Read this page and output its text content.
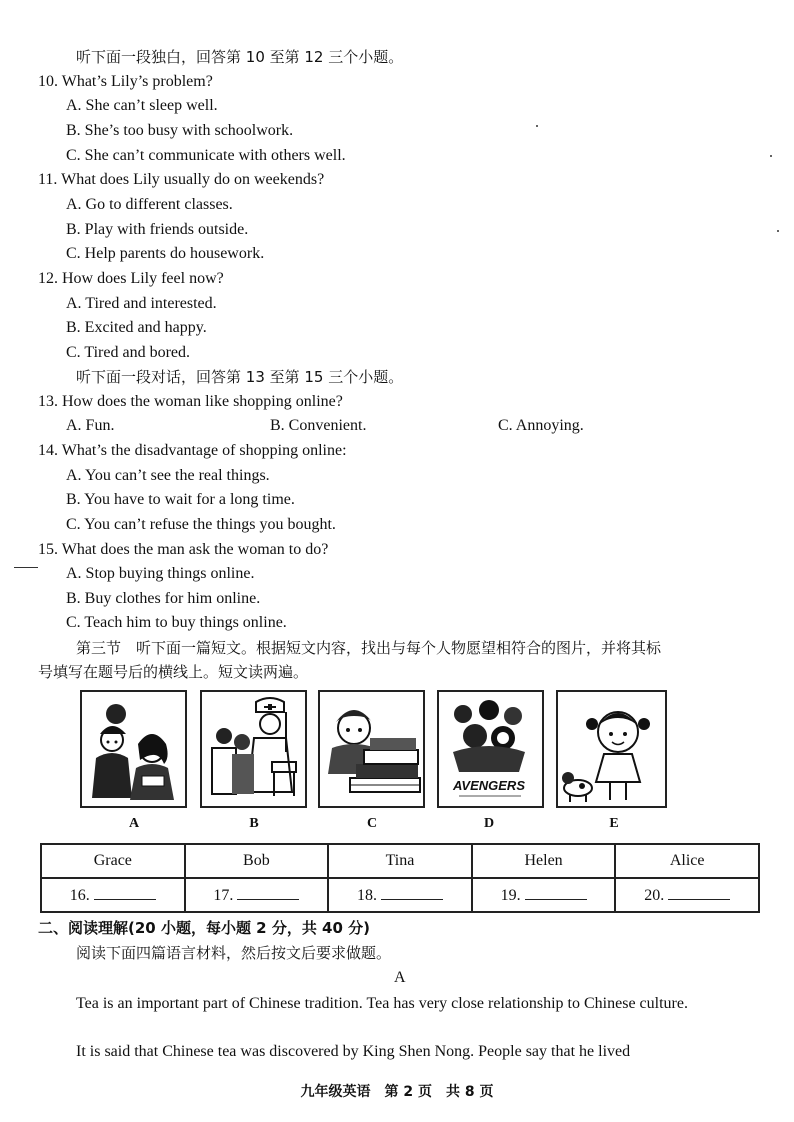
听下面一段独白，回答第 10 至第 12 三个小题。
10. What’s Lily’s problem?
A. She can’t sleep well.
B. She’s too busy with schoolwork.
C. She can’t communicate with others well.
11. What does Lily usually do on weekends?
A. Go to different classes.
B. Play with friends outside.
C. Help parents do housework.
12. How does Lily feel now?
A. Tired and interested.
B. Excited and happy.
C. Tired and bored.
听下面一段对话，回答第 13 至第 15 三个小题。
13. How does the woman like shopping online?
A. Fun.	B. Convenient.	C. Annoying.
14. What’s the disadvantage of shopping online:
A. You can’t see the real things.
B. You have to wait for a long time.
C. You can’t refuse the things you bought.
15. What does the man ask the woman to do?
A. Stop buying things online.
B. Buy clothes for him online.
C. Teach him to buy things online.
第三节　听下面一篇短文。根据短文内容，找出与每个人物愿望相符合的图片，并将其标
号填写在题号后的横线上。短文读两遍。
AVENGERS
A	B	C	D	E
Grace	Bob	Tina	Helen	Alice
16.	17.	18.	19.	20.
二、阅读理解(20 小题，每小题 2 分，共 40 分)
阅读下面四篇语言材料，然后按文后要求做题。
A
Tea is an important part of Chinese tradition. Tea has very close relationship to Chinese culture.
It is said that Chinese tea was discovered by King Shen Nong. People say that he lived
九年级英语　第 2 页　共 8 页
